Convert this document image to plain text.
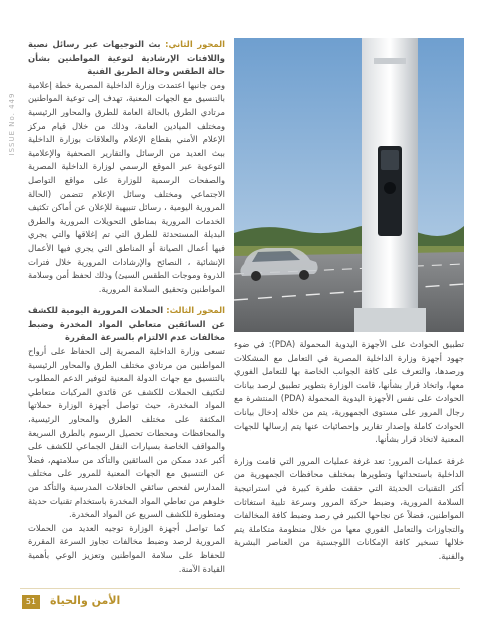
ISSUE No. 449

المحور الثاني: بث التوجيهات عبر رسائل نصية واللافتات الإرشادية لتوعية المواطنين بشأن حالة الطقس وحالة الطريق الفنية

ومن جانبها اعتمدت وزارة الداخلية المصرية خطة إعلامية بالتنسيق مع الجهات المعنية، تهدف إلى توعية المواطنين مرتادي الطرق بالحالة العامة للطرق والمحاور الرئيسية ومختلف الميادين العامة، وذلك من خلال قيام مركز الإعلام الأمني بقطاع الإعلام والعلاقات بوزارة الداخلية ببث العديد من الرسائل والتقارير الصحفية والإعلامية التوعوية عبر الموقع الرسمي لوزارة الداخلية المصرية والصفحات الرسمية للوزارة على مواقع التواصل الاجتماعي ومختلف وسائل الإعلام تتضمن (الحالة المرورية اليومية ، رسائل تنبيهية للإعلان عن أماكن تكثيف الخدمات المرورية بمناطق التحويلات المرورية والطرق البديلة المستحدثة للطرق التي تم إغلاقها والتي يجري فيها أعمال الصيانة أو المناطق التي يجري فيها الأعمال الإنشائية ، النصائح والإرشادات المرورية خلال فترات الذروة وموجات الطقس السيئ) وذلك لحفظ أمن وسلامة المواطنين وتحقيق السلامة المرورية.

المحور الثالث: الحملات المرورية اليومية للكشف عن السائقين متعاطي المواد المخدرة وضبط مخالفات عدم الالتزام بالسرعة المقررة

تسعى وزارة الداخلية المصرية إلى الحفاظ على أرواح المواطنين من مرتادي مختلف الطرق والمحاور الرئيسية بالتنسيق مع جهات الدولة المعنية لتوفير الدعم المطلوب لتكثيف الحملات للكشف عن قائدي المركبات متعاطي المواد المخدرة، حيث تواصل أجهزة الوزارة حملاتها المكثفة على مختلف الطرق والمحاور الرئيسية، والمحافظات ومحطات تحصيل الرسوم بالطرق السريعة والمواقف الخاصة بسيارات النقل الجماعي للكشف على أكبر عدد ممكن من السائقين والتأكد من سلامتهم، فضلاً عن التنسيق مع الجهات المعنية للمرور على مختلف المدارس لفحص سائقي الحافلات المدرسية والتأكد من خلوهم من تعاطي المواد المخدرة باستخدام تقنيات حديثة ومتطورة للكشف السريع عن المواد المخدرة.

كما تواصل أجهزة الوزارة توجيه العديد من الحملات المرورية لرصد وضبط مخالفات تجاوز السرعة المقررة للحفاظ على سلامة المواطنين وتعزيز الوعي بأهمية القيادة الآمنة.

تطبيق الحوادث على الأجهزة اليدوية المحمولة (PDA): في ضوء جهود أجهزة وزارة الداخلية المصرية في التعامل مع المشكلات ورصدها، والتعرف على كافة الجوانب الخاصة بها للتعامل الفوري معها، واتخاذ قرار بشأنها، قامت الوزارة بتطوير تطبيق لرصد بيانات الحوادث على نفس الأجهزة اليدوية المحمولة (PDA) المنتشرة مع رجال المرور على مستوى الجمهورية، يتم من خلاله إدخال بيانات الحوادث كاملة وإصدار تقارير وإحصائيات عنها يتم إرسالها للجهات المعنية لاتخاذ قرار بشأنها.

غرفة عمليات المرور: تعد غرفة عمليات المرور التي قامت وزارة الداخلية باستحداثها وتطويرها بمختلف محافظات الجمهورية من أكثر التقنيات الحديثة التي حققت طفرة كبيرة في استراتيجية السلامة المرورية، وضبط حركة المرور وسرعة تلبية استغاثات المواطنين، فضلاً عن نجاحها الكبير في رصد وضبط كافة المخالفات والتجاوزات والتعامل الفوري معها من خلال منظومة متكاملة يتم خلالها تسخير كافة الإمكانات اللوجستية من العناصر البشرية والفنية.

51	الأمن والحياة
